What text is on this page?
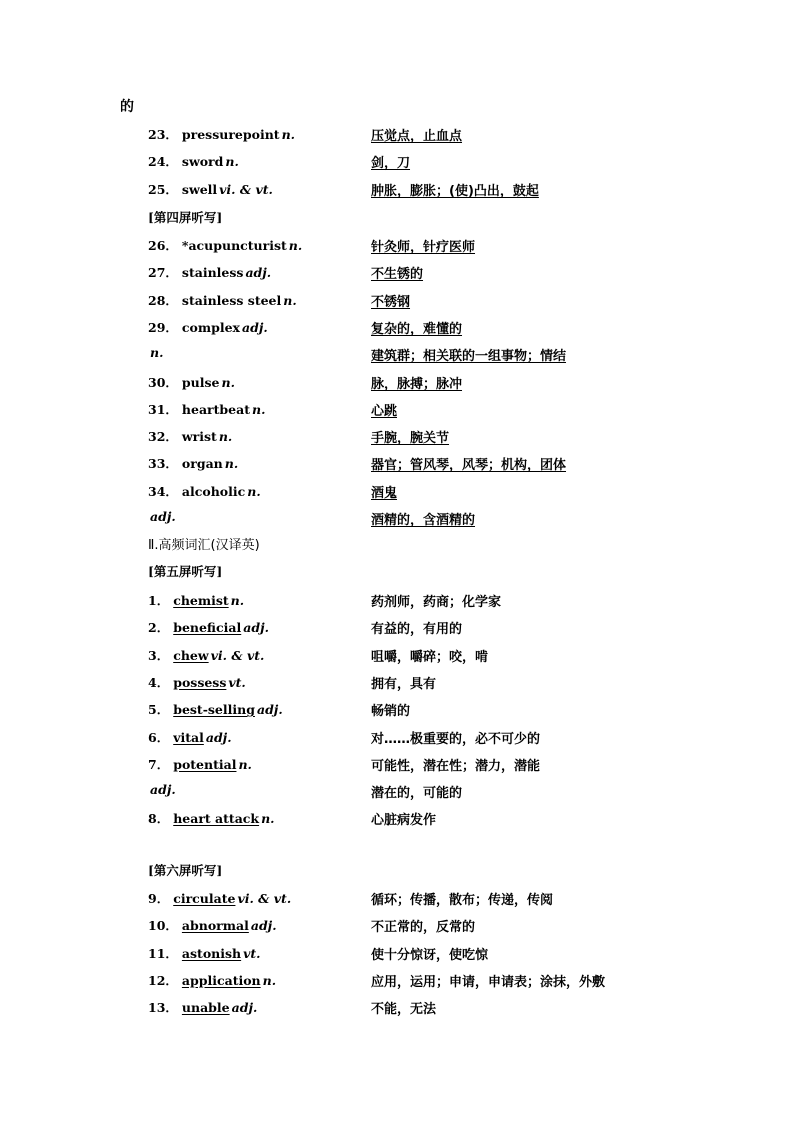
的
23． pressurepoint n.	压觉点，止血点
24． sword n.	剑，刀
25． swell vi. & vt.	肿胀，膨胀；(使)凸出，鼓起
[第四屏听写]
26． *acupuncturist n.	针灸师，针疗医师
27． stainless adj.	不生锈的
28． stainless steel n.	不锈钢
29． complex adj.	复杂的，难懂的
n.	建筑群；相关联的一组事物；情结
30． pulse n.	脉，脉搏；脉冲
31． heartbeat n.	心跳
32． wrist n.	手腕，腕关节
33． organ n.	器官；管风琴，风琴；机构，团体
34． alcoholic n.	酒鬼
adj.	酒精的，含酒精的
Ⅱ.高频词汇(汉译英)
[第五屏听写]
1． chemist n.	药剂师，药商；化学家
2． beneficial adj.	有益的，有用的
3． chew vi. & vt.	咀嚼，嚼碎；咬，啃
4． possess vt.	拥有，具有
5． best-selling adj.	畅销的
6． vital adj.	对……极重要的，必不可少的
7． potential n.	可能性，潜在性；潜力，潜能
adj.	潜在的，可能的
8． heart attack n.	心脏病发作
[第六屏听写]
9． circulate vi. & vt.	循环；传播，散布；传递，传阅
10． abnormal adj.	不正常的，反常的
11． astonish vt.	使十分惊讶，使吃惊
12． application n.	应用，运用；申请，申请表；涂抹，外敷
13． unable adj.	不能，无法
